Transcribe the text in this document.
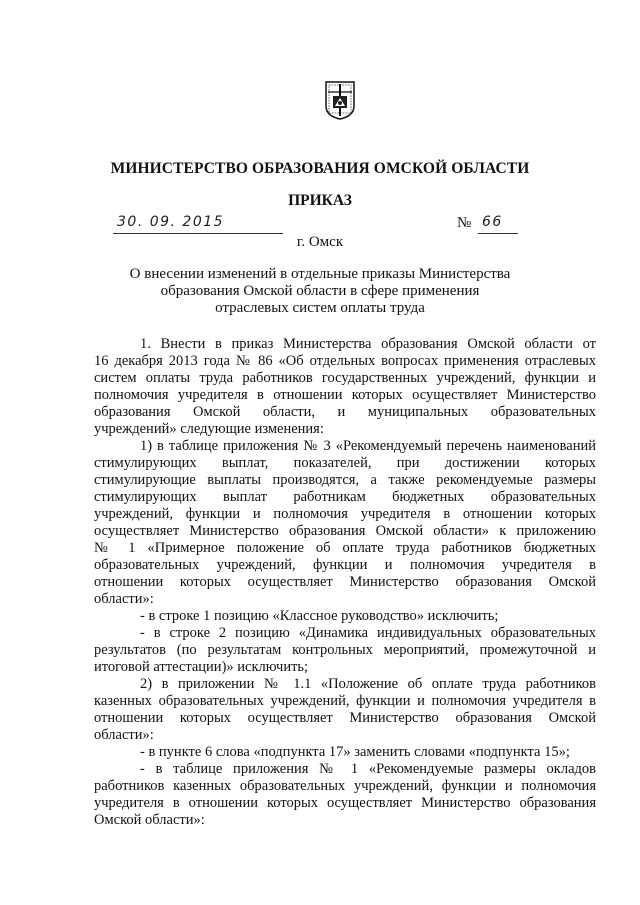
МИНИСТЕРСТВО ОБРАЗОВАНИЯ ОМСКОЙ ОБЛАСТИ
ПРИКАЗ
30. 09. 2015	№ 66
г. Омск
О внесении изменений в отдельные приказы Министерства
образования Омской области в сфере применения
отраслевых систем оплаты труда
1. Внести в приказ Министерства образования Омской области от
16 декабря 2013 года № 86 «Об отдельных вопросах применения отраслевых
систем оплаты труда работников государственных учреждений, функции и
полномочия учредителя в отношении которых осуществляет Министерство
образования Омской области, и муниципальных образовательных
учреждений» следующие изменения:
1) в таблице приложения № 3 «Рекомендуемый перечень наименований
стимулирующих выплат, показателей, при достижении которых
стимулирующие выплаты производятся, а также рекомендуемые размеры
стимулирующих выплат работникам бюджетных образовательных
учреждений, функции и полномочия учредителя в отношении которых
осуществляет Министерство образования Омской области» к приложению
№ 1 «Примерное положение об оплате труда работников бюджетных
образовательных учреждений, функции и полномочия учредителя в
отношении которых осуществляет Министерство образования Омской
области»:
- в строке 1 позицию «Классное руководство» исключить;
- в строке 2 позицию «Динамика индивидуальных образовательных
результатов (по результатам контрольных мероприятий, промежуточной и
итоговой аттестации)» исключить;
2) в приложении № 1.1 «Положение об оплате труда работников
казенных образовательных учреждений, функции и полномочия учредителя в
отношении которых осуществляет Министерство образования Омской
области»:
- в пункте 6 слова «подпункта 17» заменить словами «подпункта 15»;
- в таблице приложения № 1 «Рекомендуемые размеры окладов
работников казенных образовательных учреждений, функции и полномочия
учредителя в отношении которых осуществляет Министерство образования
Омской области»:
